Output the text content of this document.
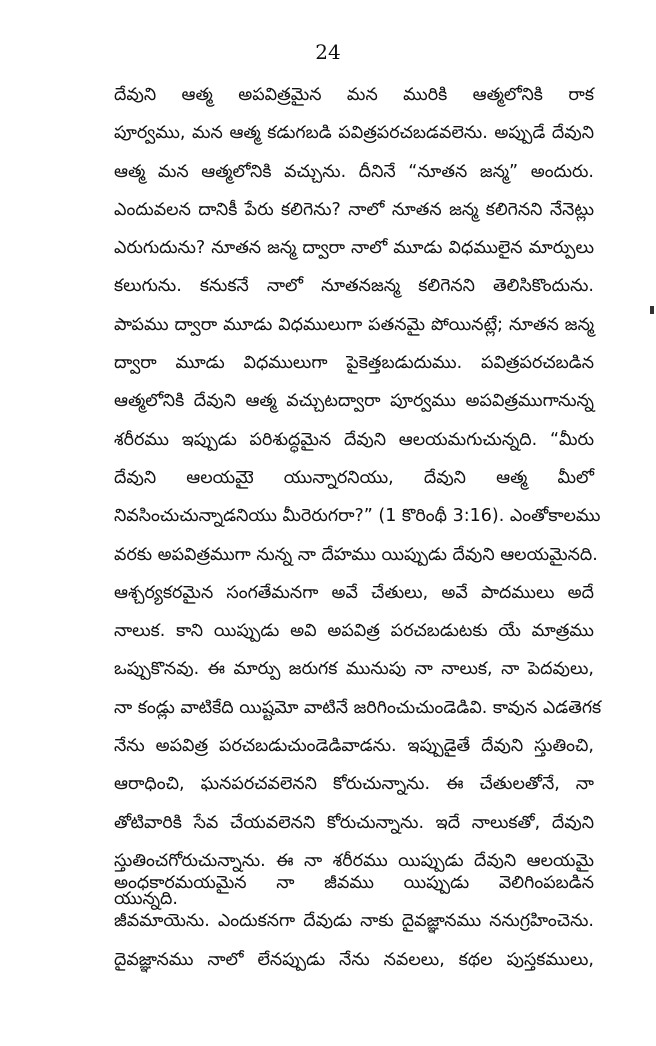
24
దేవుని ఆత్మ అపవిత్రమైన మన మురికి ఆత్మలోనికి రాక
పూర్వము, మన ఆత్మ కడుగబడి పవిత్రపరచబడవలెను. అప్పుడే దేవుని
ఆత్మ మన ఆత్మలోనికి వచ్చును. దీనినే “నూతన జన్మ” అందురు.
ఎందువలన దానికీ పేరు కలిగెను? నాలో నూతన జన్మ కలిగెనని నేనెట్లు
ఎరుగుదును? నూతన జన్మ ద్వారా నాలో మూడు విధములైన మార్పులు
కలుగును. కనుకనే నాలో నూతనజన్మ కలిగెనని తెలిసికొందును.
పాపము ద్వారా మూడు విధములుగా పతనమై పోయినట్లే; నూతన జన్మ
ద్వారా మూడు విధములుగా పైకెత్తబడుదుము. పవిత్రపరచబడిన
ఆత్మలోనికి దేవుని ఆత్మ వచ్చుటద్వారా పూర్వము అపవిత్రముగానున్న
శరీరము ఇప్పుడు పరిశుద్ధమైన దేవుని ఆలయమగుచున్నది. “మీరు
దేవుని ఆలయమైె యున్నారనియు, దేవుని ఆత్మ మీలో
నివసించుచున్నాడనియు మీరెరుగరా?” (1 కొరింథీ 3:16). ఎంతోకాలము
వరకు అపవిత్రముగా నున్న నా దేహము యిప్పుడు దేవుని ఆలయమైనది.
ఆశ్చర్యకరమైన సంగతేమనగా అవే చేతులు, అవే పాదములు అదే
నాలుక. కాని యిప్పుడు అవి అపవిత్ర పరచబడుటకు యే మాత్రము
ఒప్పుకొనవు. ఈ మార్పు జరుగక మునుపు నా నాలుక, నా పెదవులు,
నా కండ్లు వాటికేది యిష్టమో వాటినే జరిగించుచుండెడివి. కావున ఎడతెగక
నేను అపవిత్ర పరచబడుచుండెడివాడను. ఇప్పుడైతే దేవుని స్తుతించి,
ఆరాధించి, ఘనపరచవలెనని కోరుచున్నాను. ఈ చేతులతోనే, నా
తోటివారికి సేవ చేయవలెనని కోరుచున్నాను. ఇదే నాలుకతో, దేవుని
స్తుతించగోరుచున్నాను. ఈ నా శరీరము యిప్పుడు దేవుని ఆలయమై
యున్నది.
అంధకారమయమైన నా జీవము యిప్పుడు వెలిగింపబడిన
జీవమాయెను. ఎందుకనగా దేవుడు నాకు దైవజ్ఞానము ననుగ్రహించెను.
దైవజ్ఞానము నాలో లేనప్పుడు నేను నవలలు, కథల పుస్తకములు,
